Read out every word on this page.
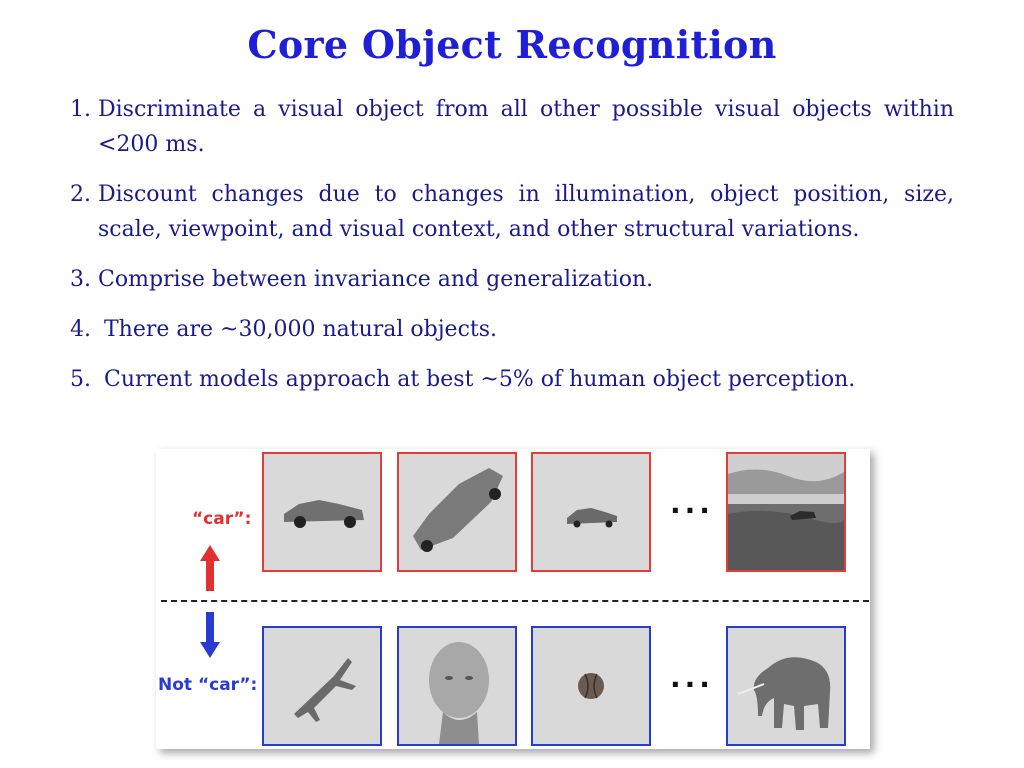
Core Object Recognition
1. Discriminate a visual object from all other possible visual objects within <200 ms.
2. Discount changes due to changes in illumination, object position, size, scale, viewpoint, and visual context, and other structural variations.
3. Comprise between invariance and generalization.
4. There are ~30,000 natural objects.
5. Current models approach at best ~5% of human object perception.
“car”:
Not “car”:
...
...
